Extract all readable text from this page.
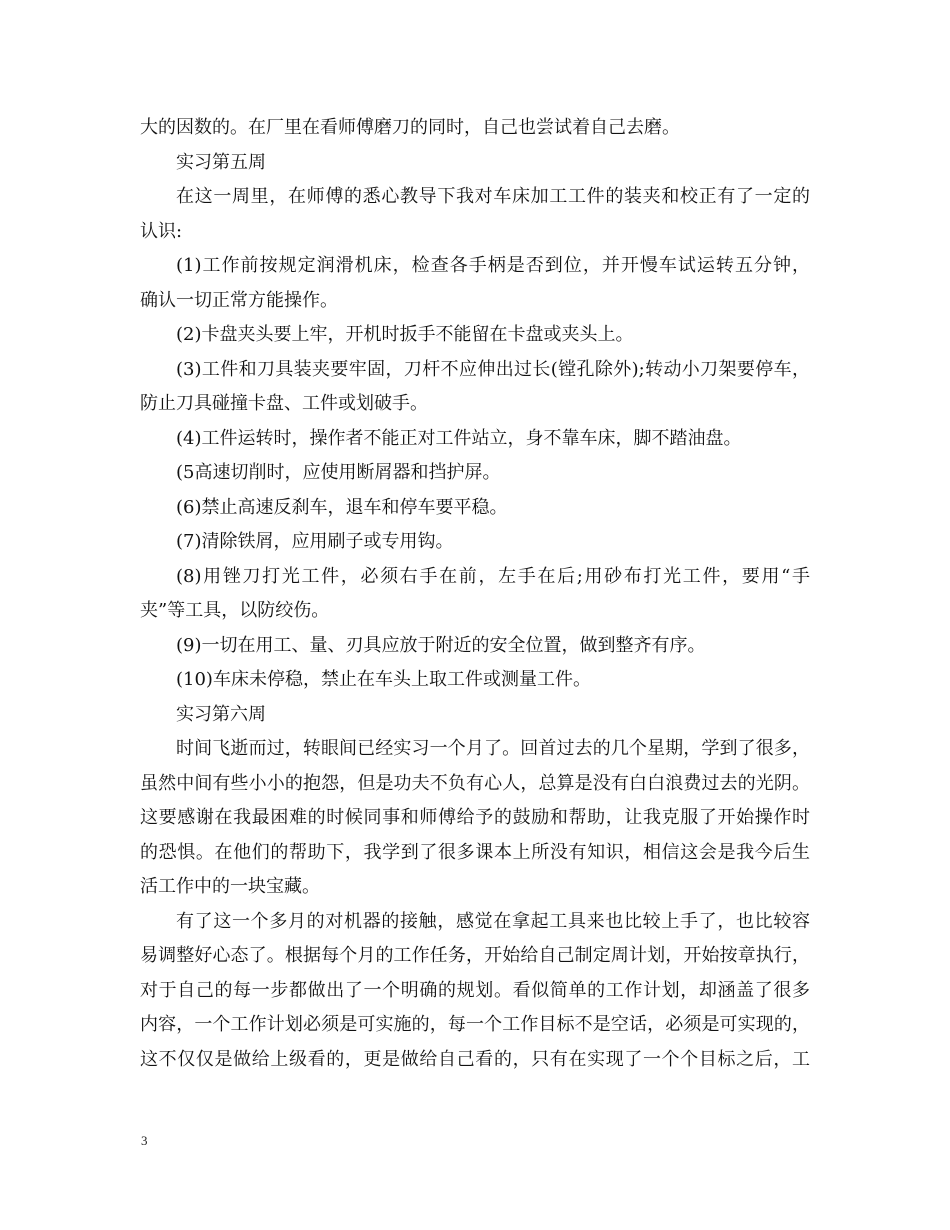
大的因数的。在厂里在看师傅磨刀的同时，自己也尝试着自己去磨。
实习第五周
在这一周里，在师傅的悉心教导下我对车床加工工件的装夹和校正有了一定的
认识:
(1)工作前按规定润滑机床，检查各手柄是否到位，并开慢车试运转五分钟，
确认一切正常方能操作。
(2)卡盘夹头要上牢，开机时扳手不能留在卡盘或夹头上。
(3)工件和刀具装夹要牢固，刀杆不应伸出过长(镗孔除外);转动小刀架要停车，
防止刀具碰撞卡盘、工件或划破手。
(4)工件运转时，操作者不能正对工件站立，身不靠车床，脚不踏油盘。
(5高速切削时，应使用断屑器和挡护屏。
(6)禁止高速反刹车，退车和停车要平稳。
(7)清除铁屑，应用刷子或专用钩。
(8)用锉刀打光工件，必须右手在前，左手在后;用砂布打光工件，要用“手
夹”等工具，以防绞伤。
(9)一切在用工、量、刃具应放于附近的安全位置，做到整齐有序。
(10)车床未停稳，禁止在车头上取工件或测量工件。
实习第六周
时间飞逝而过，转眼间已经实习一个月了。回首过去的几个星期，学到了很多，
虽然中间有些小小的抱怨，但是功夫不负有心人，总算是没有白白浪费过去的光阴。
这要感谢在我最困难的时候同事和师傅给予的鼓励和帮助，让我克服了开始操作时
的恐惧。在他们的帮助下，我学到了很多课本上所没有知识，相信这会是我今后生
活工作中的一块宝藏。
有了这一个多月的对机器的接触，感觉在拿起工具来也比较上手了，也比较容
易调整好心态了。根据每个月的工作任务，开始给自己制定周计划，开始按章执行，
对于自己的每一步都做出了一个明确的规划。看似简单的工作计划，却涵盖了很多
内容，一个工作计划必须是可实施的，每一个工作目标不是空话，必须是可实现的，
这不仅仅是做给上级看的，更是做给自己看的，只有在实现了一个个目标之后，工
3
